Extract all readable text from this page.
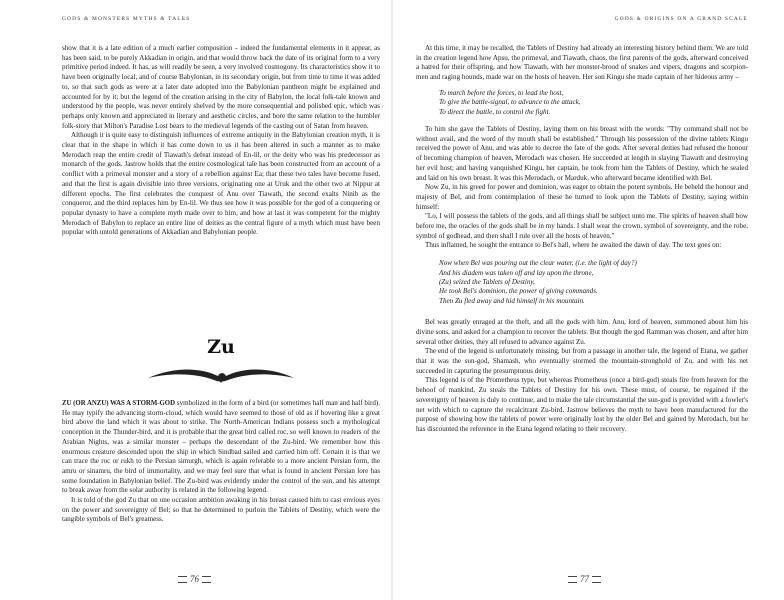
GODS & MONSTERS MYTHS & TALES

show that it is a late edition of a much earlier composition – indeed the fundamental elements in it appear, as has been said, to be purely Akkadian in origin, and that would throw back the date of its original form to a very primitive period indeed. It has, as will readily be seen, a very involved cosmogony. Its characteristics show it to have been originally local, and of course Babylonian, in its secondary origin, but from time to time it was added to, so that such gods as were at a later date adopted into the Babylonian pantheon might be explained and accounted for by it; but the legend of the creation arising in the city of Babylon, the local folk-tale known and understood by the people, was never entirely shelved by the more consequential and polished epic, which was perhaps only known and appreciated in literary and aesthetic circles, and bore the same relation to the humbler folk-story that Milton's Paradise Lost bears to the medieval legends of the casting out of Satan from heaven.

Although it is quite easy to distinguish influences of extreme antiquity in the Babylonian creation myth, it is clear that in the shape in which it has come down to us it has been altered in such a manner as to make Merodach reap the entire credit of Tiawath's defeat instead of En-lil, or the deity who was his predecessor as monarch of the gods. Jastrow holds that the entire cosmological tale has been constructed from an account of a conflict with a primeval monster and a story of a rebellion against Ea; that these two tales have become fused, and that the first is again divisible into three versions, originating one at Uruk and the other two at Nippur at different epochs. The first celebrates the conquest of Anu over Tiawath, the second exalts Ninib as the conqueror, and the third replaces him by En-lil. We thus see how it was possible for the god of a conquering or popular dynasty to have a complete myth made over to him, and how at last it was competent for the mighty Merodach of Babylon to replace an entire line of deities as the central figure of a myth which must have been popular with untold generations of Akkadian and Babylonian people.

Zu

ZU (OR ANZU) WAS A STORM-GOD symbolized in the form of a bird (or sometimes half man and half bird). He may typify the advancing storm-cloud, which would have seemed to those of old as if hovering like a great bird above the land which it was about to strike. The North-American Indians possess such a mythological conception in the Thunder-bird, and it is probable that the great bird called roc, so well known to readers of the Arabian Nights, was a similar monster – perhaps the descendant of the Zu-bird. We remember how this enormous creature descended upon the ship in which Sindbad sailed and carried him off. Certain it is that we can trace the roc or rukh to the Persian simurgh, which is again referable to a more ancient Persian form, the amru or sinamru, the bird of immortality, and we may feel sure that what is found in ancient Persian lore has some foundation in Babylonian belief. The Zu-bird was evidently under the control of the sun, and his attempt to break away from the solar authority is related in the following legend.

It is told of the god Zu that on one occasion ambition awaking in his breast caused him to cast envious eyes on the power and sovereignty of Bel; so that he determined to purloin the Tablets of Destiny, which were the tangible symbols of Bel's greatness.

76
GODS & ORIGINS ON A GRAND SCALE

At this time, it may be recalled, the Tablets of Destiny had already an interesting history behind them. We are told in the creation legend how Apsu, the primeval, and Tiawath, chaos, the first parents of the gods, afterward conceived a hatred for their offspring, and how Tiawath, with her monster-brood of snakes and vipers, dragons and scorpion-men and raging hounds, made war on the hosts of heaven. Her son Kingu she made captain of her hideous army –

To march before the forces, to lead the host,
To give the battle-signal, to advance to the attack,
To direct the battle, to control the fight.

To him she gave the Tablets of Destiny, laying them on his breast with the words: "Thy command shall not be without avail, and the word of thy mouth shall be established." Through his possession of the divine tablets Kingu received the power of Anu, and was able to decree the fate of the gods. After several deities had refused the honour of becoming champion of heaven, Merodach was chosen. He succeeded at length in slaying Tiawath and destroying her evil host; and having vanquished Kingu, her captain, he took from him the Tablets of Destiny, which he sealed and laid on his own breast. It was this Merodach, or Marduk, who afterward became identified with Bel.

Now Zu, in his greed for power and dominion, was eager to obtain the potent symbols. He beheld the honour and majesty of Bel, and from contemplation of these he turned to look upon the Tablets of Destiny, saying within himself:

"Lo, I will possess the tablets of the gods, and all things shall be subject unto me. The spirits of heaven shall bow before me, the oracles of the gods shall be in my hands. I shall wear the crown, symbol of sovereignty, and the robe, symbol of godhead, and then shall I rule over all the hosts of heaven."

Thus inflamed, he sought the entrance to Bel's hall, where he awaited the dawn of day. The text goes on:

Now when Bel was pouring out the clear water, (i.e. the light of day?)
And his diadem was taken off and lay upon the throne,
(Zu) seized the Tablets of Destiny,
He took Bel's dominion, the power of giving commands.
Then Zu fled away and hid himself in his mountain.

Bel was greatly enraged at the theft, and all the gods with him. Anu, lord of heaven, summoned about him his divine sons, and asked for a champion to recover the tablets. But though the god Ramman was chosen, and after him several other deities, they all refused to advance against Zu.

The end of the legend is unfortunately missing, but from a passage in another tale, the legend of Etana, we gather that it was the sun-god, Shamash, who eventually stormed the mountain-stronghold of Zu, and with his net succeeded in capturing the presumptuous deity.

This legend is of the Prometheus type, but whereas Prometheus (once a bird-god) steals fire from heaven for the behoof of mankind, Zu steals the Tablets of Destiny for his own. These must, of course, be regained if the sovereignty of heaven is duly to continue, and to make the tale circumstantial the sun-god is provided with a fowler's net with which to capture the recalcitrant Zu-bird. Jastrow believes the myth to have been manufactured for the purpose of showing how the tablets of power were originally lost by the older Bel and gained by Merodach, but he has discounted the reference in the Etana legend relating to their recovery.

77
